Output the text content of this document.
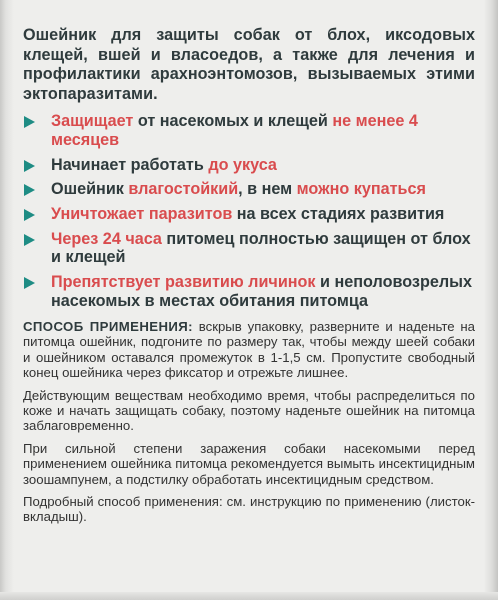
Ошейник для защиты собак от блох, иксодовых клещей, вшей и власоедов, а также для лечения и профилактики арахноэнтомозов, вызываемых этими эктопаразитами.

Защищает от насекомых и клещей не менее 4 месяцев
Начинает работать до укуса
Ошейник влагостойкий, в нем можно купаться
Уничтожает паразитов на всех стадиях развития
Через 24 часа питомец полностью защищен от блох и клещей
Препятствует развитию личинок и неполовозрелых насекомых в местах обитания питомца

СПОСОБ ПРИМЕНЕНИЯ: вскрыв упаковку, разверните и наденьте на питомца ошейник, подгоните по размеру так, чтобы между шеей собаки и ошейником оставался промежуток в 1-1,5 см. Пропустите свободный конец ошейника через фиксатор и отрежьте лишнее.

Действующим веществам необходимо время, чтобы распределиться по коже и начать защищать собаку, поэтому наденьте ошейник на питомца заблаговременно.

При сильной степени заражения собаки насекомыми перед применением ошейника питомца рекомендуется вымыть инсектицидным зоошампунем, а подстилку обработать инсектицидным средством.

Подробный способ применения: см. инструкцию по применению (листок-вкладыш).
